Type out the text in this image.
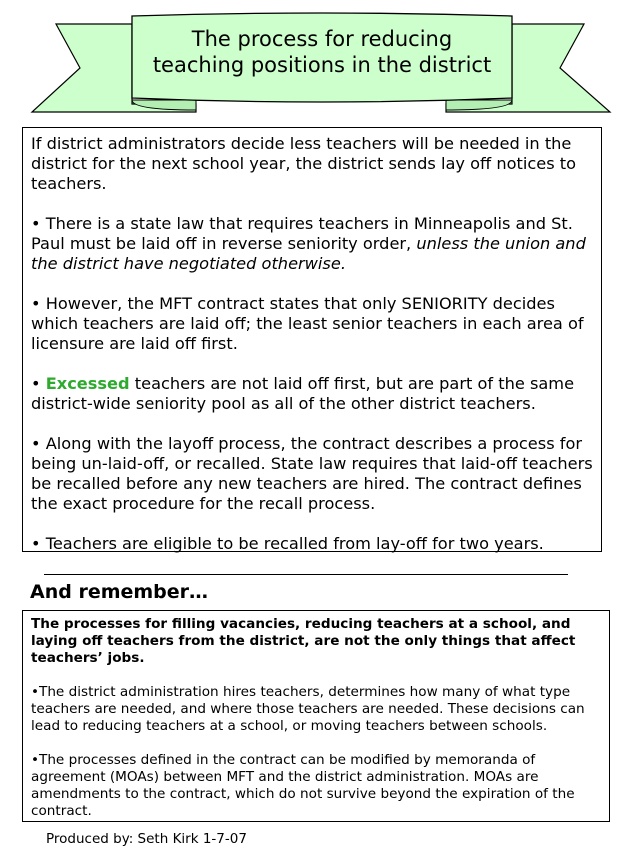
The process for reducing
teaching positions in the district

If district administrators decide less teachers will be needed in the district for the next school year, the district sends lay off notices to teachers.

• There is a state law that requires teachers in Minneapolis and St. Paul must be laid off in reverse seniority order, unless the union and the district have negotiated otherwise.

• However, the MFT contract states that only SENIORITY decides which teachers are laid off; the least senior teachers in each area of licensure are laid off first.

• Excessed teachers are not laid off first, but are part of the same district-wide seniority pool as all of the other district teachers.

• Along with the layoff process, the contract describes a process for being un-laid-off, or recalled. State law requires that laid-off teachers be recalled before any new teachers are hired. The contract defines the exact procedure for the recall process.

• Teachers are eligible to be recalled from lay-off for two years.

And remember…

The processes for filling vacancies, reducing teachers at a school, and laying off teachers from the district, are not the only things that affect teachers’ jobs.

•The district administration hires teachers, determines how many of what type teachers are needed, and where those teachers are needed. These decisions can lead to reducing teachers at a school, or moving teachers between schools.

•The processes defined in the contract can be modified by memoranda of agreement (MOAs) between MFT and the district administration. MOAs are amendments to the contract, which do not survive beyond the expiration of the contract.

Produced by: Seth Kirk 1-7-07
